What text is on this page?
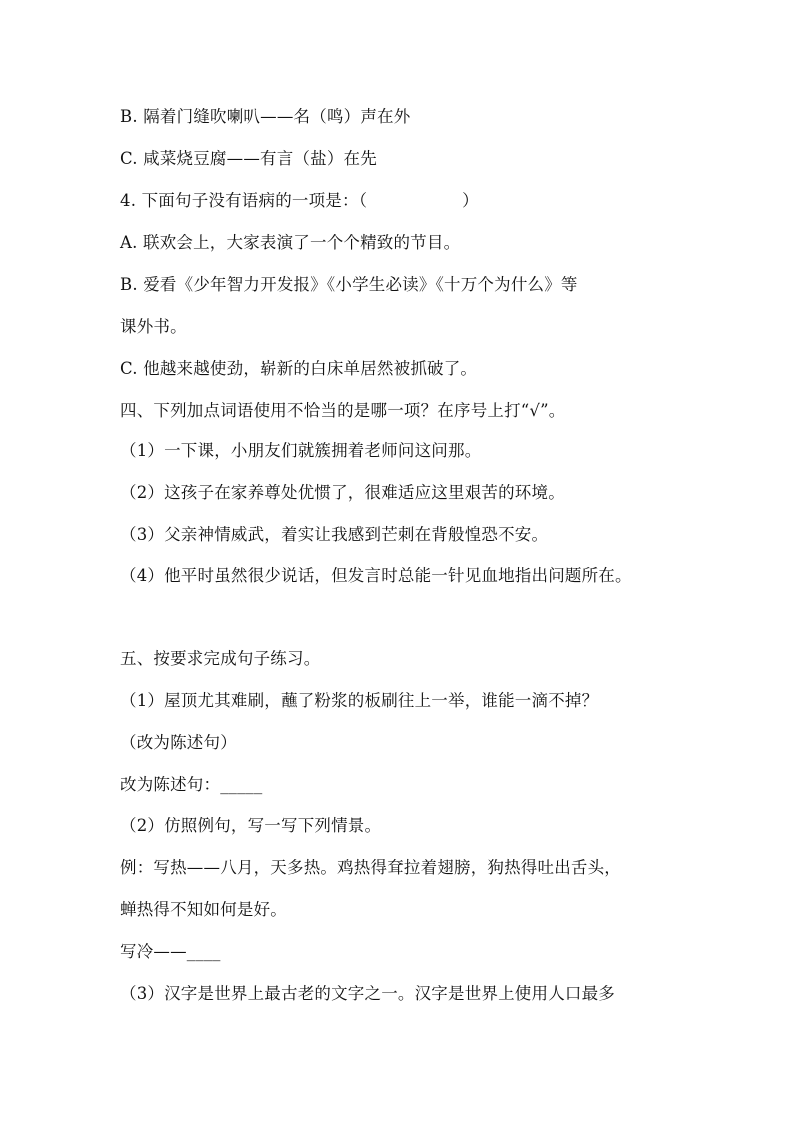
B. 隔着门缝吹喇叭——名（鸣）声在外
C. 咸菜烧豆腐——有言（盐）在先
4. 下面句子没有语病的一项是：（	）
A. 联欢会上，大家表演了一个个精致的节目。
B. 爱看《少年智力开发报》《小学生必读》《十万个为什么》等
课外书。
C. 他越来越使劲，崭新的白床单居然被抓破了。
四、下列加点词语使用不恰当的是哪一项？在序号上打“√”。
（1）一下课，小朋友们就簇拥着老师问这问那。
（2）这孩子在家养尊处优惯了，很难适应这里艰苦的环境。
（3）父亲神情威武，着实让我感到芒刺在背般惶恐不安。
（4）他平时虽然很少说话，但发言时总能一针见血地指出问题所在。
五、按要求完成句子练习。
（1）屋顶尤其难刷，蘸了粉浆的板刷往上一举，谁能一滴不掉？
（改为陈述句）
改为陈述句：_____
（2）仿照例句，写一写下列情景。
例：写热——八月，天多热。鸡热得耷拉着翅膀，狗热得吐出舌头，
蝉热得不知如何是好。
写冷——____
（3）汉字是世界上最古老的文字之一。汉字是世界上使用人口最多
